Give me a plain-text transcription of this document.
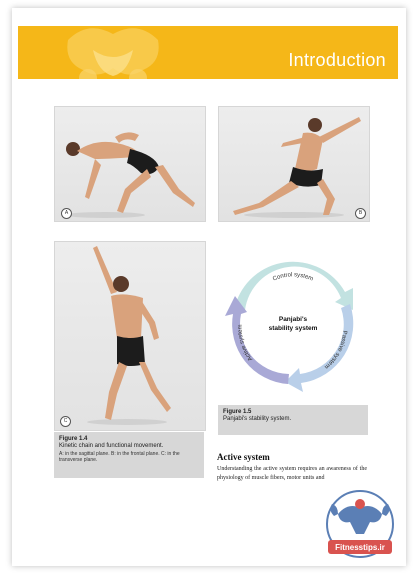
Introduction
A	B
C
Figure 1.4
Kinetic chain and functional movement.
A: in the sagittal plane. B: in the frontal plane. C: in the transverse plane.
Control system
Passive system
Active system
Panjabi's
stability system
Figure 1.5
Panjabi's stability system.
Active system
Understanding the active system requires an awareness of the physiology of muscle fibers, motor units and
Fitnesstips.ir
